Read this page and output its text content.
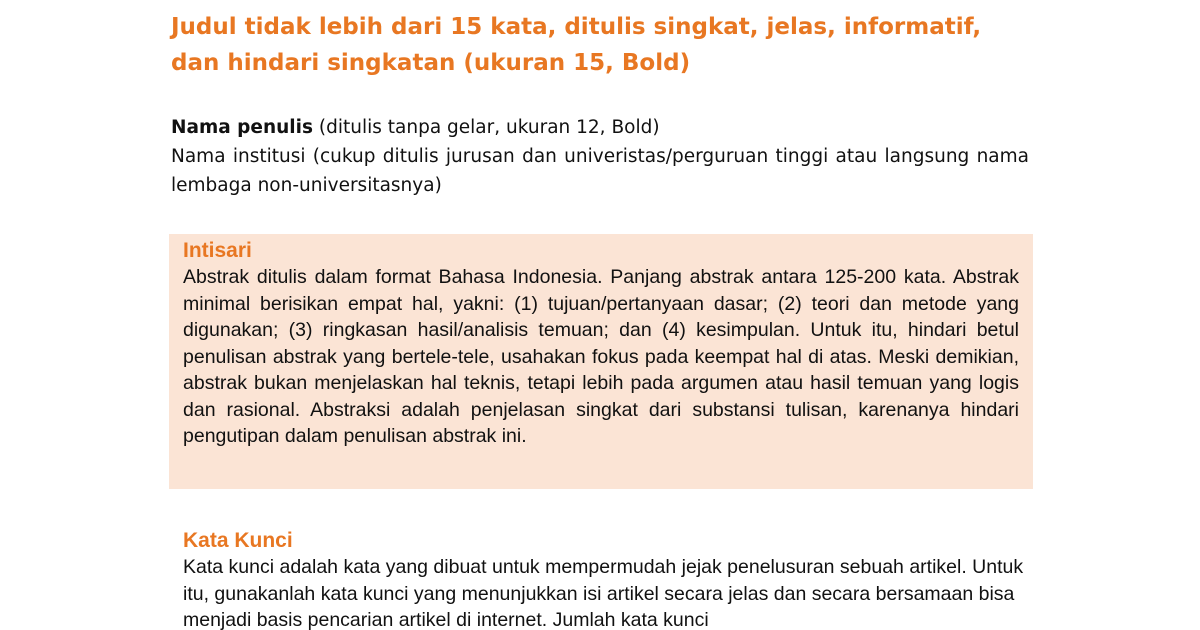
Judul tidak lebih dari 15 kata, ditulis singkat, jelas, informatif, dan hindari singkatan (ukuran 15, Bold)
Nama penulis (ditulis tanpa gelar, ukuran 12, Bold)
Nama institusi (cukup ditulis jurusan dan univeristas/perguruan tinggi atau langsung nama lembaga non-universitasnya)
Intisari

Abstrak ditulis dalam format Bahasa Indonesia. Panjang abstrak antara 125-200 kata. Abstrak minimal berisikan empat hal, yakni: (1) tujuan/pertanyaan dasar; (2) teori dan metode yang digunakan; (3) ringkasan hasil/analisis temuan; dan (4) kesimpulan. Untuk itu, hindari betul penulisan abstrak yang bertele-tele, usahakan fokus pada keempat hal di atas. Meski demikian, abstrak bukan menjelaskan hal teknis, tetapi lebih pada argumen atau hasil temuan yang logis dan rasional. Abstraksi adalah penjelasan singkat dari substansi tulisan, karenanya hindari pengutipan dalam penulisan abstrak ini.

Kata Kunci

Kata kunci adalah kata yang dibuat untuk mempermudah jejak penelusuran sebuah artikel. Untuk itu, gunakanlah kata kunci yang menunjukkan isi artikel secara jelas dan secara bersamaan bisa menjadi basis pencarian artikel di internet. Jumlah kata kunci
